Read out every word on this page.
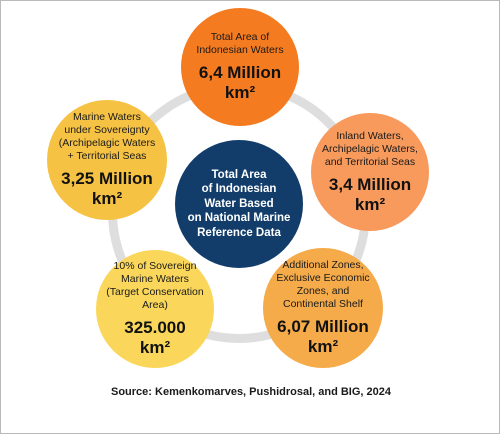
Total Area of
Indonesian Waters
6,4 Million
km²
Inland Waters,
Archipelagic Waters,
and Territorial Seas
3,4 Million
km²
Additional Zones,
Exclusive Economic
Zones, and
Continental Shelf
6,07 Million
km²
10% of Sovereign
Marine Waters
(Target Conservation
Area)
325.000
km²
Marine Waters
under Sovereignty
(Archipelagic Waters
+ Territorial Seas
3,25 Million
km²
Total Area
of Indonesian
Water Based
on National Marine
Reference Data
Source: Kemenkomarves, Pushidrosal, and BIG, 2024
